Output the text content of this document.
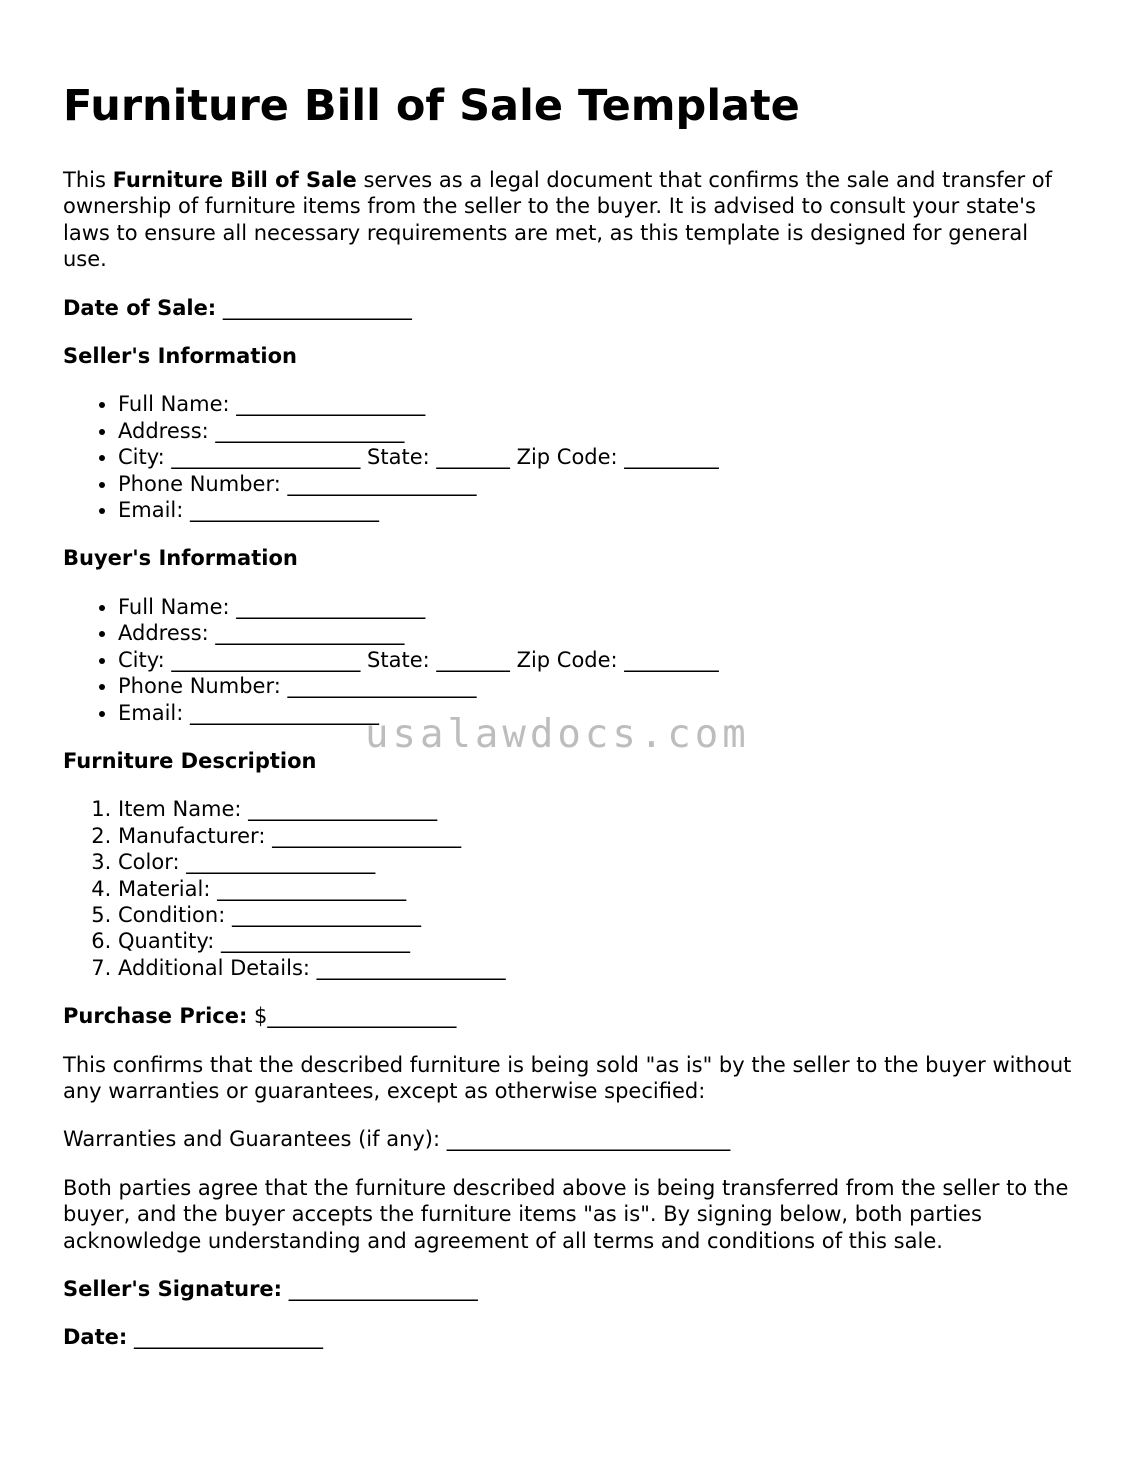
Furniture Bill of Sale Template

This Furniture Bill of Sale serves as a legal document that confirms the sale and transfer of ownership of furniture items from the seller to the buyer. It is advised to consult your state's laws to ensure all necessary requirements are met, as this template is designed for general use.

Date of Sale: __________________

Seller's Information

• Full Name: __________________
• Address: __________________
• City: __________________ State: _______ Zip Code: _________
• Phone Number: __________________
• Email: __________________

Buyer's Information

• Full Name: __________________
• Address: __________________
• City: __________________ State: _______ Zip Code: _________
• Phone Number: __________________
• Email: __________________

Furniture Description

1. Item Name: __________________
2. Manufacturer: __________________
3. Color: __________________
4. Material: __________________
5. Condition: __________________
6. Quantity: __________________
7. Additional Details: __________________

Purchase Price: $__________________

This confirms that the described furniture is being sold "as is" by the seller to the buyer without any warranties or guarantees, except as otherwise specified:

Warranties and Guarantees (if any): ___________________________

Both parties agree that the furniture described above is being transferred from the seller to the buyer, and the buyer accepts the furniture items "as is". By signing below, both parties acknowledge understanding and agreement of all terms and conditions of this sale.

Seller's Signature: __________________

Date: __________________

usalawdocs.com
